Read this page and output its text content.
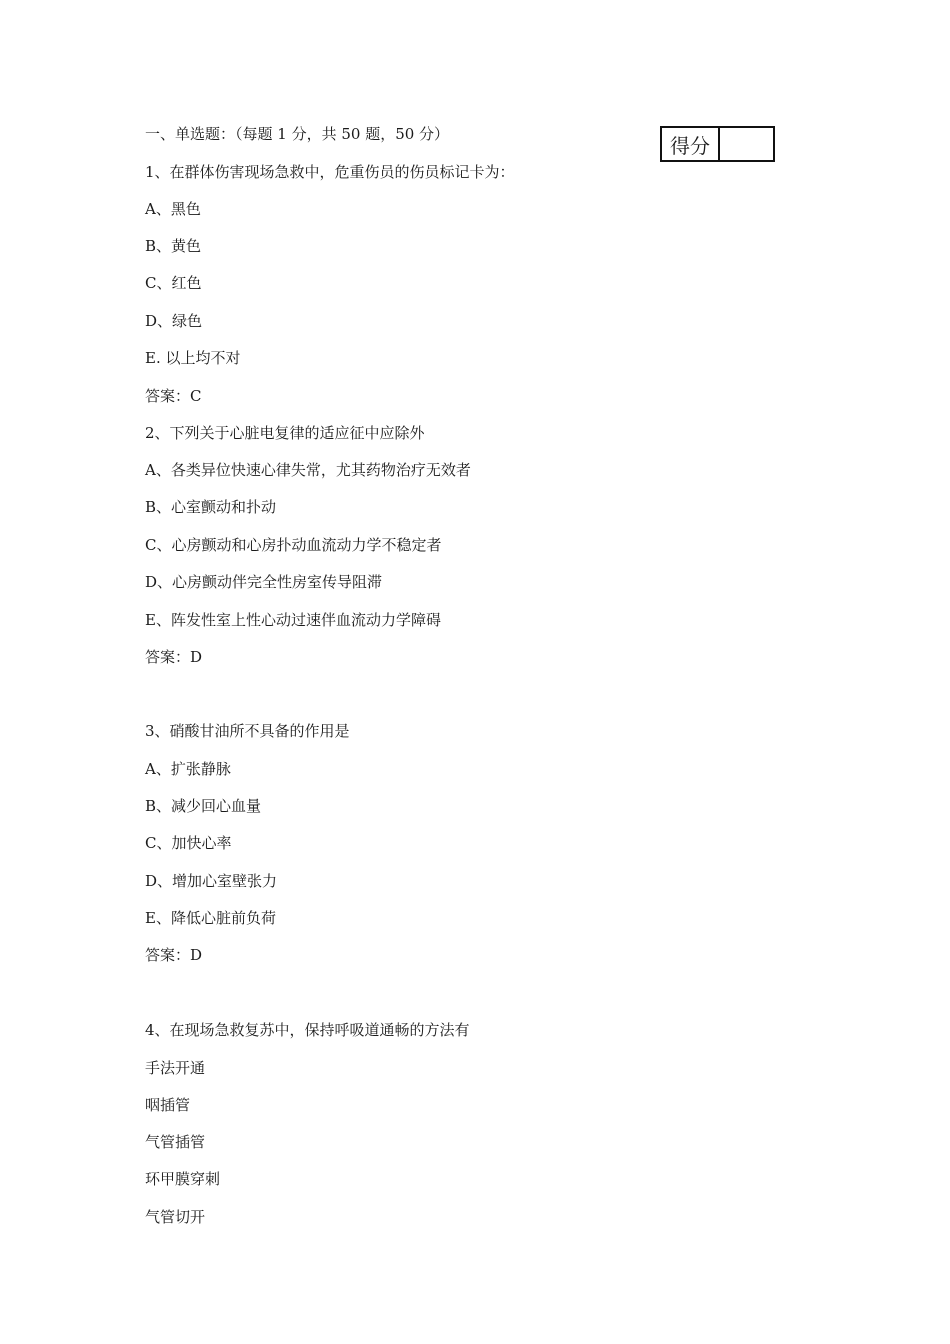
一、单选题：（每题 1 分，共 50 题，50 分）	得分
1、在群体伤害现场急救中，危重伤员的伤员标记卡为：
A、黑色
B、黄色
C、红色
D、绿色
E. 以上均不对
答案：C
2、下列关于心脏电复律的适应征中应除外
A、各类异位快速心律失常，尤其药物治疗无效者
B、心室颤动和扑动
C、心房颤动和心房扑动血流动力学不稳定者
D、心房颤动伴完全性房室传导阻滞
E、阵发性室上性心动过速伴血流动力学障碍
答案：D
3、硝酸甘油所不具备的作用是
A、扩张静脉
B、减少回心血量
C、加快心率
D、增加心室壁张力
E、降低心脏前负荷
答案：D
4、在现场急救复苏中，保持呼吸道通畅的方法有
手法开通
咽插管
气管插管
环甲膜穿刺
气管切开
